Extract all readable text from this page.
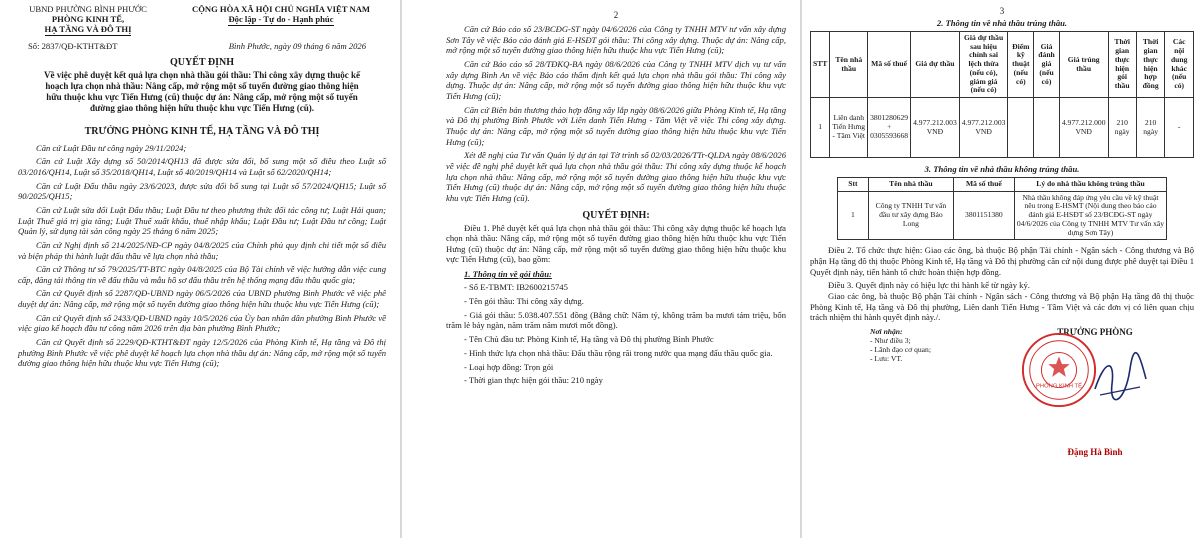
UBND PHƯỜNG BÌNH PHƯỚC

PHÒNG KINH TẾ,

HẠ TẦNG VÀ ĐÔ THỊ

CỘNG HÒA XÃ HỘI CHỦ NGHĨA VIỆT NAM

Độc lập - Tự do - Hạnh phúc

Số: 2837/QĐ-KTHT&ĐT	Bình Phước, ngày 09 tháng 6 năm 2026
QUYẾT ĐỊNH
Về việc phê duyệt kết quả lựa chọn nhà thầu gói thầu: Thi công xây dựng thuộc kế hoạch lựa chọn nhà thầu: Nâng cấp, mở rộng một số tuyến đường giao thông hiện hữu thuộc khu vực Tiến Hưng (cũ) thuộc dự án: Nâng cấp, mở rộng một số tuyến đường giao thông hiện hữu thuộc khu vực Tiến Hưng (cũ).
TRƯỞNG PHÒNG KINH TẾ, HẠ TẦNG VÀ ĐÔ THỊ

Căn cứ Luật Đầu tư công ngày 29/11/2024;

Căn cứ Luật Xây dựng số 50/2014/QH13 đã được sửa đổi, bổ sung một số điều theo Luật số 03/2016/QH14, Luật số 35/2018/QH14, Luật số 40/2019/QH14 và Luật số 62/2020/QH14;

Căn cứ Luật Đấu thầu ngày 23/6/2023, được sửa đổi bổ sung tại Luật số 57/2024/QH15; Luật số 90/2025/QH15;

Căn cứ Luật sửa đổi Luật Đấu thầu; Luật Đầu tư theo phương thức đối tác công tư; Luật Hải quan; Luật Thuế giá trị gia tăng; Luật Thuế xuất khẩu, thuế nhập khẩu; Luật Đầu tư; Luật Đầu tư công; Luật Quản lý, sử dụng tài sản công ngày 25 tháng 6 năm 2025;

Căn cứ Nghị định số 214/2025/NĐ-CP ngày 04/8/2025 của Chính phủ quy định chi tiết một số điều và biện pháp thi hành luật đấu thầu về lựa chọn nhà thầu;

Căn cứ Thông tư số 79/2025/TT-BTC ngày 04/8/2025 của Bộ Tài chính về việc hướng dẫn việc cung cấp, đăng tải thông tin về đấu thầu và mẫu hồ sơ đấu thầu trên hệ thống mạng đấu thầu quốc gia;

Căn cứ Quyết định số 2287/QĐ-UBND ngày 06/5/2026 của UBND phường Bình Phước về việc phê duyệt dự án: Nâng cấp, mở rộng một số tuyến đường giao thông hiện hữu thuộc khu vực Tiến Hưng (cũ);

Căn cứ Quyết định số 2433/QĐ-UBND ngày 10/5/2026 của Ủy ban nhân dân phường Bình Phước về việc giao kế hoạch đầu tư công năm 2026 trên địa bàn phường Bình Phước;

Căn cứ Quyết định số 2229/QĐ-KTHT&ĐT ngày 12/5/2026 của Phòng Kinh tế, Hạ tầng và Đô thị phường Bình Phước về việc phê duyệt kế hoạch lựa chọn nhà thầu dự án: Nâng cấp, mở rộng một số tuyến đường giao thông hiện hữu thuộc khu vực Tiến Hưng (cũ);

2

Căn cứ Báo cáo số 23/BCĐG-ST ngày 04/6/2026 của Công ty TNHH MTV tư vấn xây dựng Sơn Tây về việc Báo cáo đánh giá E-HSĐT gói thầu: Thi công xây dựng. Thuộc dự án: Nâng cấp, mở rộng một số tuyến đường giao thông hiện hữu thuộc khu vực Tiến Hưng (cũ);

Căn cứ Báo cáo số 28/TĐKQ-BA ngày 08/6/2026 của Công ty TNHH MTV dịch vụ tư vấn xây dựng Bình An về việc Báo cáo thẩm định kết quả lựa chọn nhà thầu gói thầu: Thi công xây dựng. Thuộc dự án: Nâng cấp, mở rộng một số tuyến đường giao thông hiện hữu thuộc khu vực Tiến Hưng (cũ);

Căn cứ Biên bản thương thảo hợp đồng xây lắp ngày 08/6/2026 giữa Phòng Kinh tế, Hạ tầng và Đô thị phường Bình Phước với Liên danh Tiến Hưng - Tâm Việt về việc Thi công xây dựng. Thuộc dự án: Nâng cấp, mở rộng một số tuyến đường giao thông hiện hữu thuộc khu vực Tiến Hưng (cũ);

Xét đề nghị của Tư vấn Quản lý dự án tại Tờ trình số 02/03/2026/TTr-QLDA ngày 08/6/2026 về việc đề nghị phê duyệt kết quả lựa chọn nhà thầu gói thầu: Thi công xây dựng thuộc kế hoạch lựa chọn nhà thầu: Nâng cấp, mở rộng một số tuyến đường giao thông hiện hữu thuộc khu vực Tiến Hưng (cũ) thuộc dự án: Nâng cấp, mở rộng một số tuyến đường giao thông hiện hữu thuộc khu vực Tiến Hưng (cũ).

QUYẾT ĐỊNH:

Điều 1. Phê duyệt kết quả lựa chọn nhà thầu gói thầu: Thi công xây dựng thuộc kế hoạch lựa chọn nhà thầu: Nâng cấp, mở rộng một số tuyến đường giao thông hiện hữu thuộc khu vực Tiến Hưng (cũ) thuộc dự án: Nâng cấp, mở rộng một số tuyến đường giao thông hiện hữu thuộc khu vực Tiến Hưng (cũ), bao gồm:

1. Thông tin về gói thầu:

- Số E-TBMT: IB2600215745

- Tên gói thầu: Thi công xây dựng.

- Giá gói thầu: 5.038.407.551 đồng (Bằng chữ: Năm tỷ, không trăm ba mươi tám triệu, bốn trăm lẻ bảy ngàn, năm trăm năm mươi mốt đồng).

- Tên Chủ đầu tư: Phòng Kinh tế, Hạ tầng và Đô thị phường Bình Phước

- Hình thức lựa chọn nhà thầu: Đấu thầu rộng rãi trong nước qua mạng đấu thầu quốc gia.

- Loại hợp đồng: Trọn gói

- Thời gian thực hiện gói thầu: 210 ngày

3
2. Thông tin về nhà thầu trúng thầu.
STT	Tên nhà thầu	Mã số thuế	Giá dự thầu	Giá dự thầu sau hiệu chỉnh sai lệch thừa (nếu có), giảm giá (nếu có)	Điểm kỹ thuật (nếu có)	Giá đánh giá (nếu có)	Giá trúng thầu	Thời gian thực hiện gói thầu	Thời gian thực hiện hợp đồng	Các nội dung khác (nếu có)
1	Liên danh Tiến Hưng - Tâm Việt	3801280629 + 0305593668	4.977.212.003 VNĐ	4.977.212.003 VNĐ			4.977.212.000 VNĐ	210 ngày	210 ngày	-
3. Thông tin về nhà thầu không trúng thầu.
Stt	Tên nhà thầu	Mã số thuế	Lý do nhà thầu không trúng thầu
1	Công ty TNHH Tư vấn đầu tư xây dựng Bảo Long	3801151380	Nhà thầu không đáp ứng yêu cầu về kỹ thuật nêu trong E-HSMT (Nội dung theo báo cáo đánh giá E-HSĐT số 23/BCĐG-ST ngày 04/6/2026 của Công ty TNHH MTV Tư vấn xây dựng Sơn Tây)

Điều 2. Tổ chức thực hiện: Giao các ông, bà thuộc Bộ phận Tài chính - Ngân sách - Công thương và Bộ phận Hạ tầng đô thị thuộc Phòng Kinh tế, Hạ tầng và Đô thị phường căn cứ nội dung được phê duyệt tại Điều 1 Quyết định này, tiến hành tổ chức hoàn thiện hợp đồng.

Điều 3. Quyết định này có hiệu lực thi hành kể từ ngày ký.

Giao các ông, bà thuộc Bộ phận Tài chính - Ngân sách - Công thương và Bộ phận Hạ tầng đô thị thuộc Phòng Kinh tế, Hạ tầng và Đô thị phường, Liên danh Tiến Hưng - Tâm Việt và các đơn vị có liên quan chịu trách nhiệm thi hành quyết định này./.

Nơi nhận:

- Như điều 3;

- Lãnh đạo cơ quan;

- Lưu: VT.

TRƯỞNG PHÒNG
PHÒNG KINH TẾ
Đặng Hà Bình
